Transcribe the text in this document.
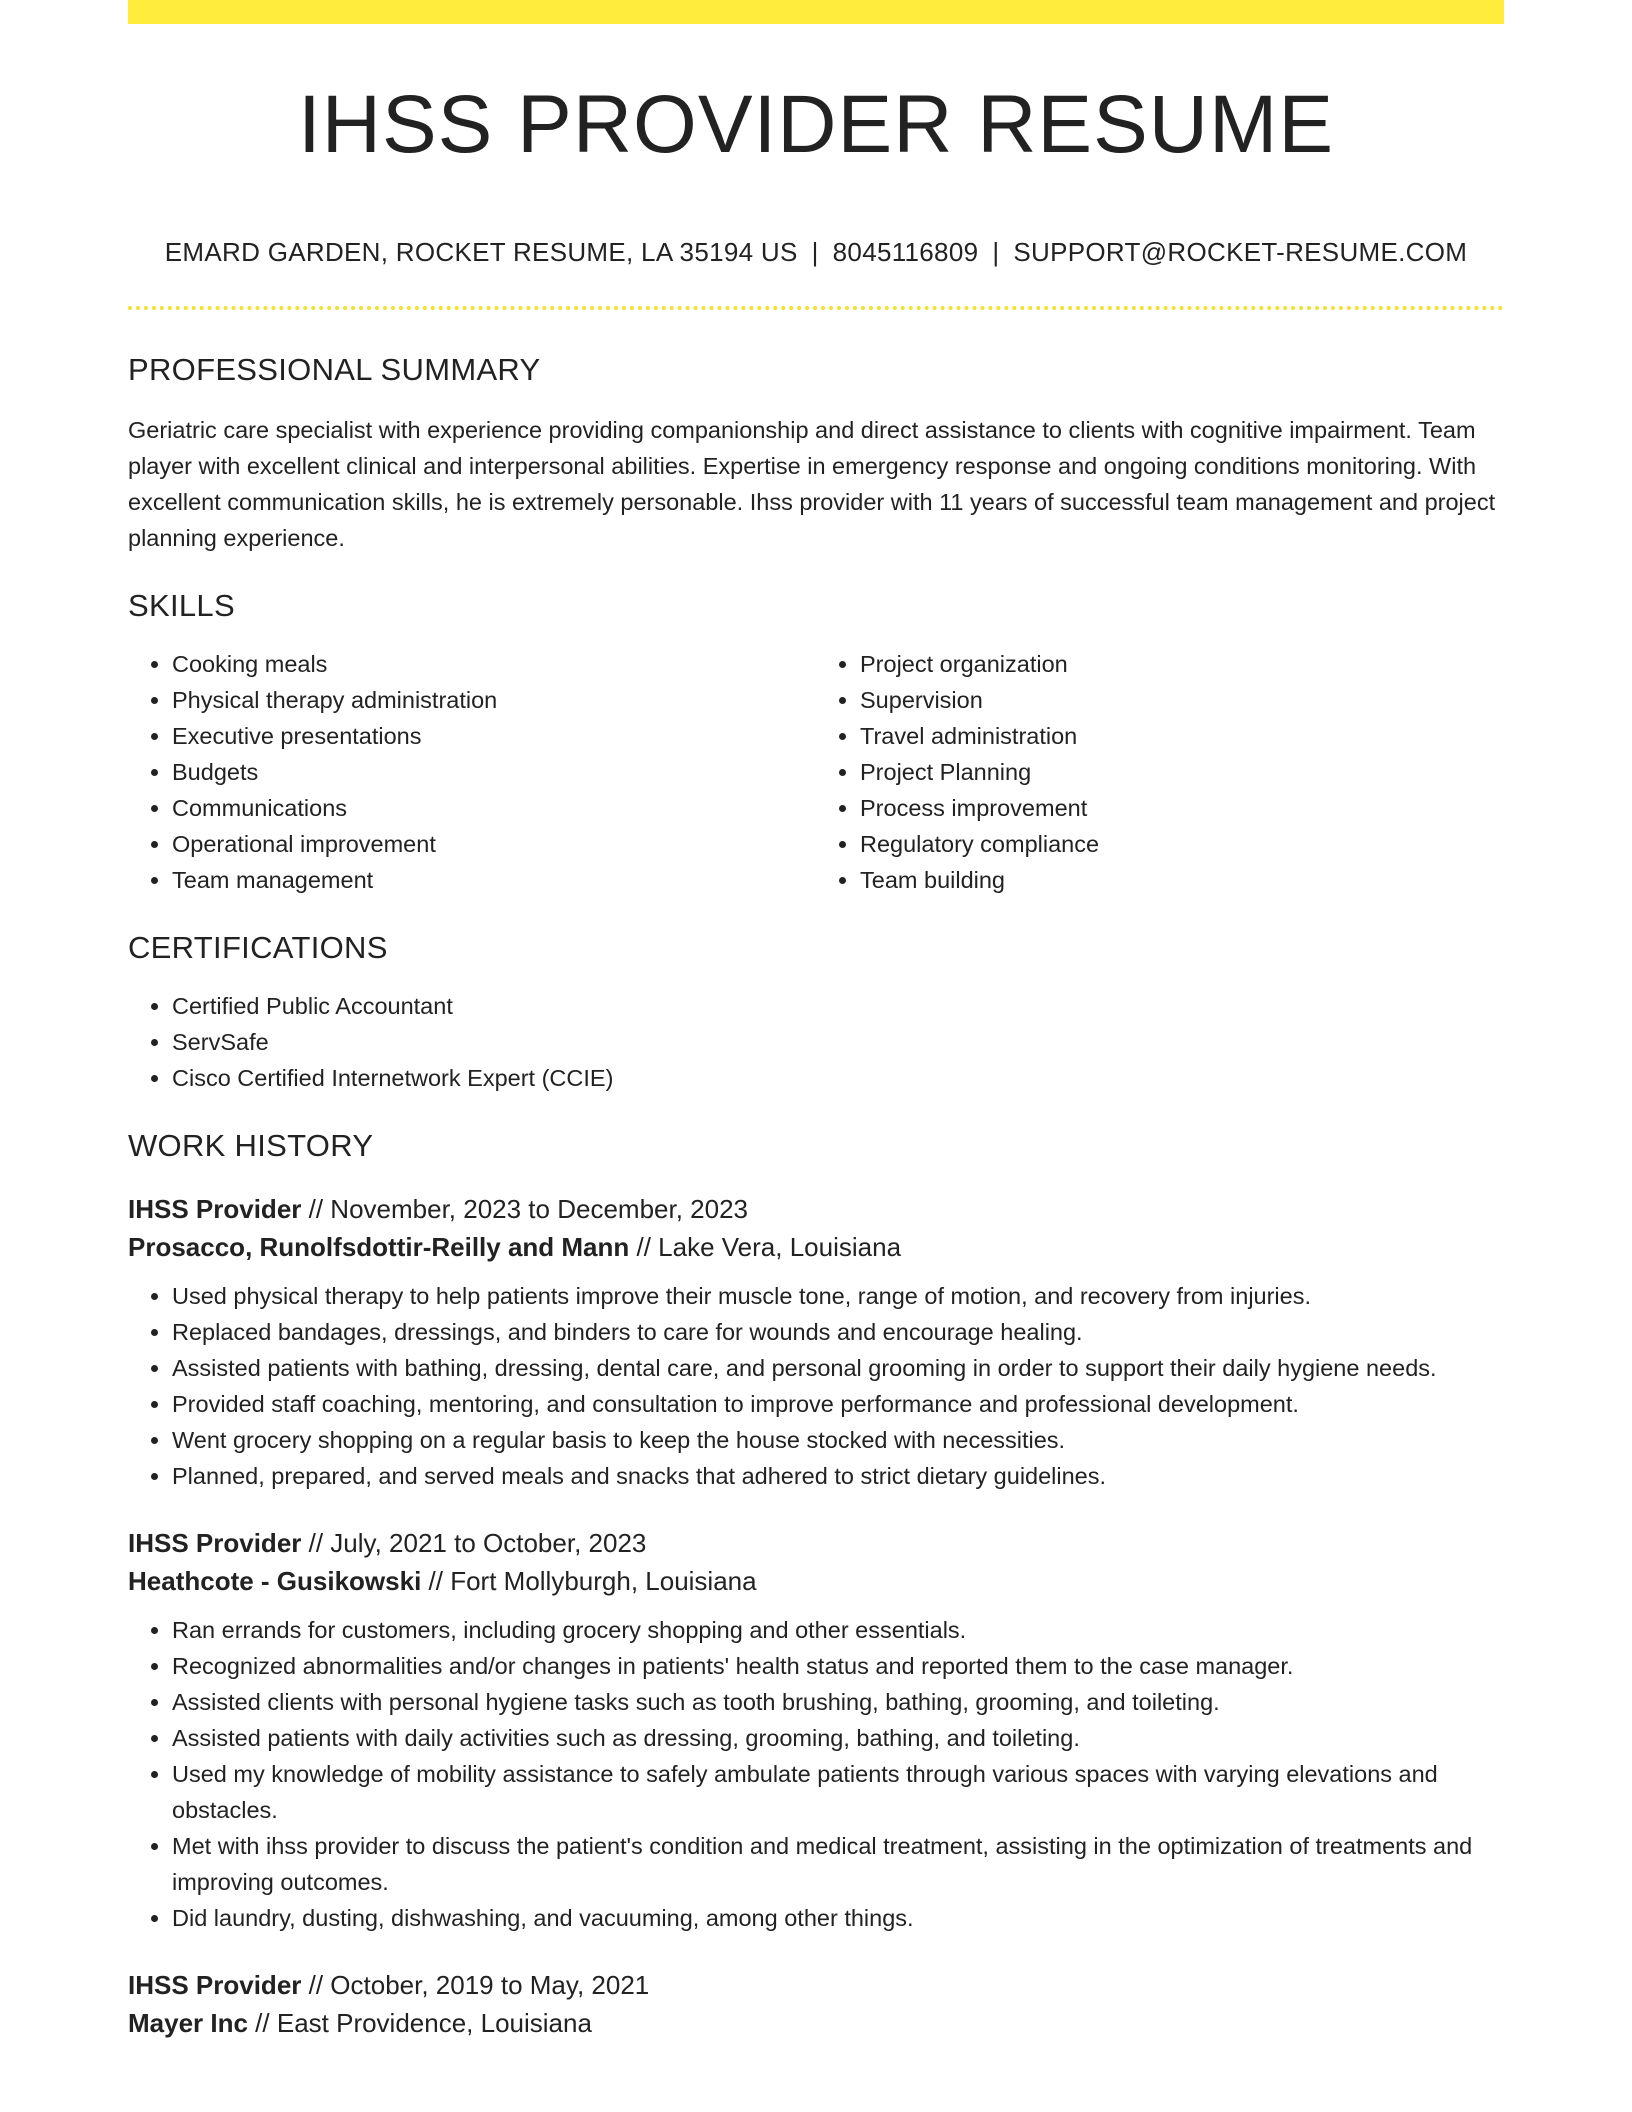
IHSS PROVIDER RESUME
EMARD GARDEN, ROCKET RESUME, LA 35194 US | 8045116809 | SUPPORT@ROCKET-RESUME.COM
PROFESSIONAL SUMMARY

Geriatric care specialist with experience providing companionship and direct assistance to clients with cognitive impairment. Team player with excellent clinical and interpersonal abilities. Expertise in emergency response and ongoing conditions monitoring. With excellent communication skills, he is extremely personable. Ihss provider with 11 years of successful team management and project planning experience.

SKILLS
• Cooking meals
• Physical therapy administration
• Executive presentations
• Budgets
• Communications
• Operational improvement
• Team management
• Project organization
• Supervision
• Travel administration
• Project Planning
• Process improvement
• Regulatory compliance
• Team building
CERTIFICATIONS
• Certified Public Accountant
• ServSafe
• Cisco Certified Internetwork Expert (CCIE)
WORK HISTORY
IHSS Provider // November, 2023 to December, 2023
Prosacco, Runolfsdottir-Reilly and Mann // Lake Vera, Louisiana
• Used physical therapy to help patients improve their muscle tone, range of motion, and recovery from injuries.
• Replaced bandages, dressings, and binders to care for wounds and encourage healing.
• Assisted patients with bathing, dressing, dental care, and personal grooming in order to support their daily hygiene needs.
• Provided staff coaching, mentoring, and consultation to improve performance and professional development.
• Went grocery shopping on a regular basis to keep the house stocked with necessities.
• Planned, prepared, and served meals and snacks that adhered to strict dietary guidelines.
IHSS Provider // July, 2021 to October, 2023
Heathcote - Gusikowski // Fort Mollyburgh, Louisiana
• Ran errands for customers, including grocery shopping and other essentials.
• Recognized abnormalities and/or changes in patients' health status and reported them to the case manager.
• Assisted clients with personal hygiene tasks such as tooth brushing, bathing, grooming, and toileting.
• Assisted patients with daily activities such as dressing, grooming, bathing, and toileting.
• Used my knowledge of mobility assistance to safely ambulate patients through various spaces with varying elevations and obstacles.
• Met with ihss provider to discuss the patient's condition and medical treatment, assisting in the optimization of treatments and improving outcomes.
• Did laundry, dusting, dishwashing, and vacuuming, among other things.
IHSS Provider // October, 2019 to May, 2021
Mayer Inc // East Providence, Louisiana
